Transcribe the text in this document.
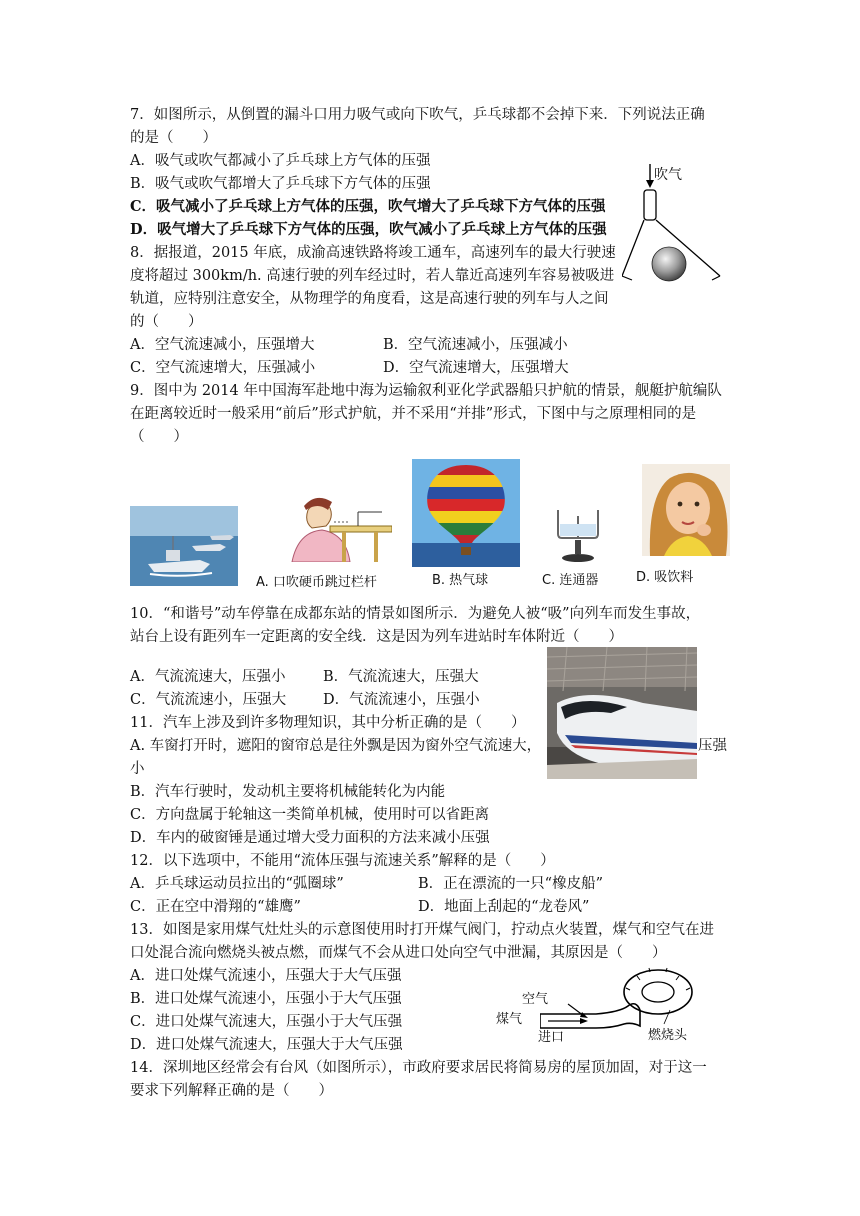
7．如图所示，从倒置的漏斗口用力吸气或向下吹气，乒乓球都不会掉下来．下列说法正确
的是（　　）
A．吸气或吹气都减小了乒乓球上方气体的压强
B．吸气或吹气都增大了乒乓球下方气体的压强
C．吸气减小了乒乓球上方气体的压强，吹气增大了乒乓球下方气体的压强
D．吸气增大了乒乓球下方气体的压强，吹气减小了乒乓球上方气体的压强
吹气
8．据报道，2015 年底，成渝高速铁路将竣工通车，高速列车的最大行驶速
度将超过 300km/h. 高速行驶的列车经过时，若人靠近高速列车容易被吸进
轨道，应特别注意安全，从物理学的角度看，这是高速行驶的列车与人之间
的（　　）
A．空气流速减小，压强增大	B．空气流速减小，压强减小
C．空气流速增大，压强减小	D．空气流速增大，压强增大
9．图中为 2014 年中国海军赴地中海为运输叙利亚化学武器船只护航的情景，舰艇护航编队
在距离较近时一般采用“前后”形式护航，并不采用“并排”形式，下图中与之原理相同的是
（　　）
A. 口吹硬币跳过栏杆	B. 热气球	C. 连通器	D. 吸饮料
10．“和谐号”动车停靠在成都东站的情景如图所示．为避免人被“吸”向列车而发生事故，
站台上设有距列车一定距离的安全线．这是因为列车进站时车体附近（　　）
A．气流流速大，压强小	B．气流流速大，压强大
C．气流流速小，压强大	D．气流流速小，压强小
11．汽车上涉及到许多物理知识，其中分析正确的是（　　）
A. 车窗打开时，遮阳的窗帘总是往外飘是因为窗外空气流速大，	压强
小
B．汽车行驶时，发动机主要将机械能转化为内能
C．方向盘属于轮轴这一类简单机械，使用时可以省距离
D．车内的破窗锤是通过增大受力面积的方法来减小压强
12．以下选项中，不能用“流体压强与流速关系”解释的是（　　）
A．乒乓球运动员拉出的“弧圈球”	B．正在漂流的一只“橡皮船”
C．正在空中滑翔的“雄鹰”	D．地面上刮起的“龙卷风”
13．如图是家用煤气灶灶头的示意图使用时打开煤气阀门，拧动点火装置，煤气和空气在进
口处混合流向燃烧头被点燃，而煤气不会从进口处向空气中泄漏，其原因是（　　）
A．进口处煤气流速小，压强大于大气压强
B．进口处煤气流速小，压强小于大气压强
C．进口处煤气流速大，压强小于大气压强
D．进口处煤气流速大，压强大于大气压强
空气
煤气
进口	燃烧头
14．深圳地区经常会有台风（如图所示），市政府要求居民将简易房的屋顶加固，对于这一
要求下列解释正确的是（　　）
